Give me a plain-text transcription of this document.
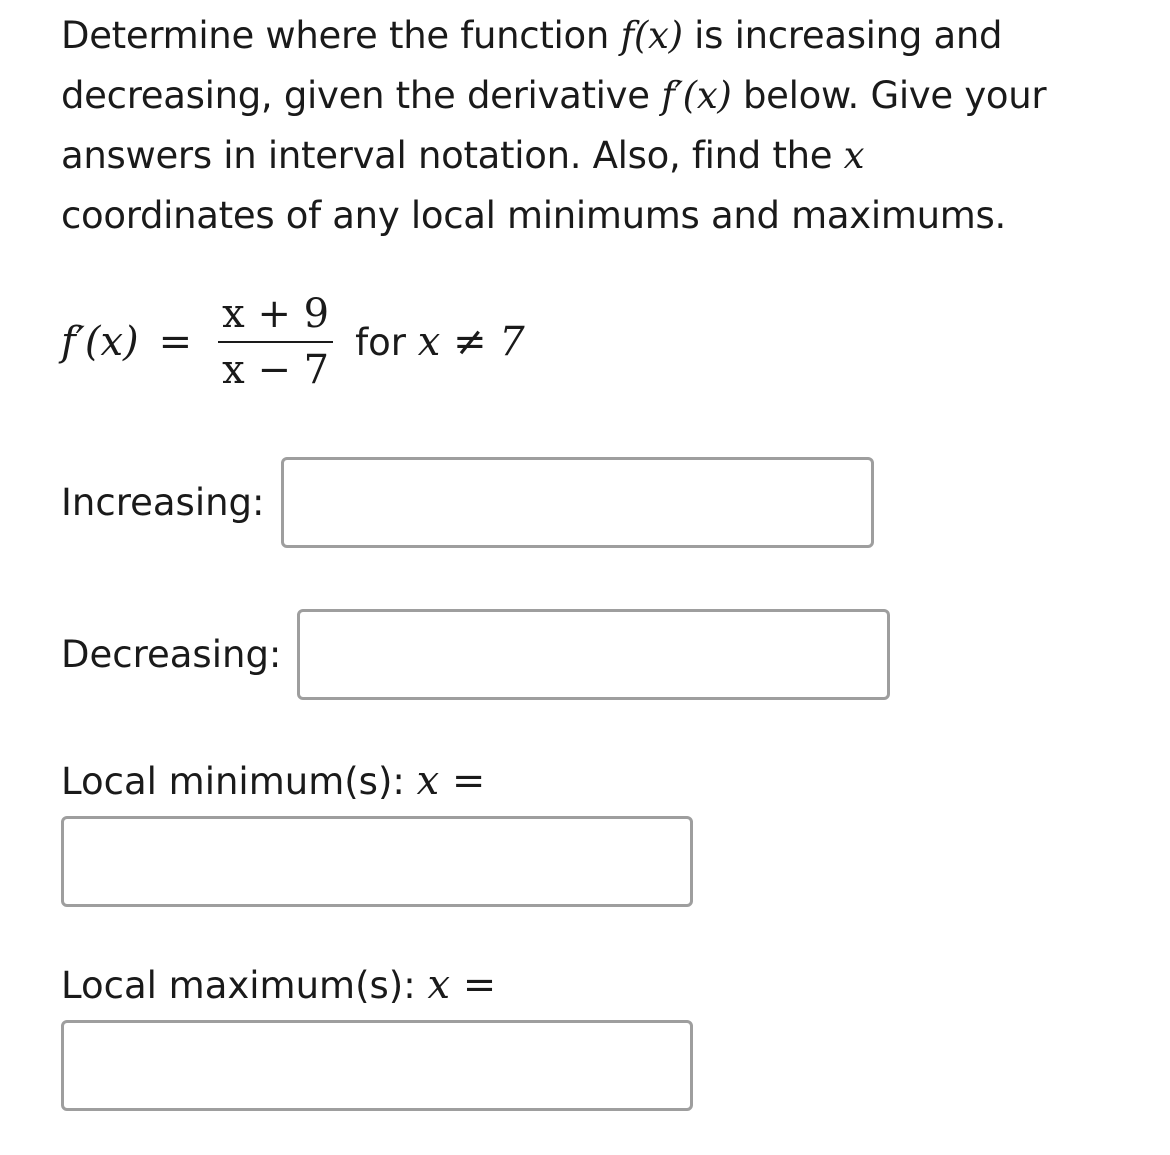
Determine where the function f(x) is increasing and
decreasing, given the derivative f′(x) below. Give your
answers in interval notation. Also, find the x
coordinates of any local minimums and maximums.
$f'(x) = \frac{x + 9}{x - 7}$ for x ≠ 7
Increasing:
Decreasing:
Local minimum(s): x =
Local maximum(s): x =
